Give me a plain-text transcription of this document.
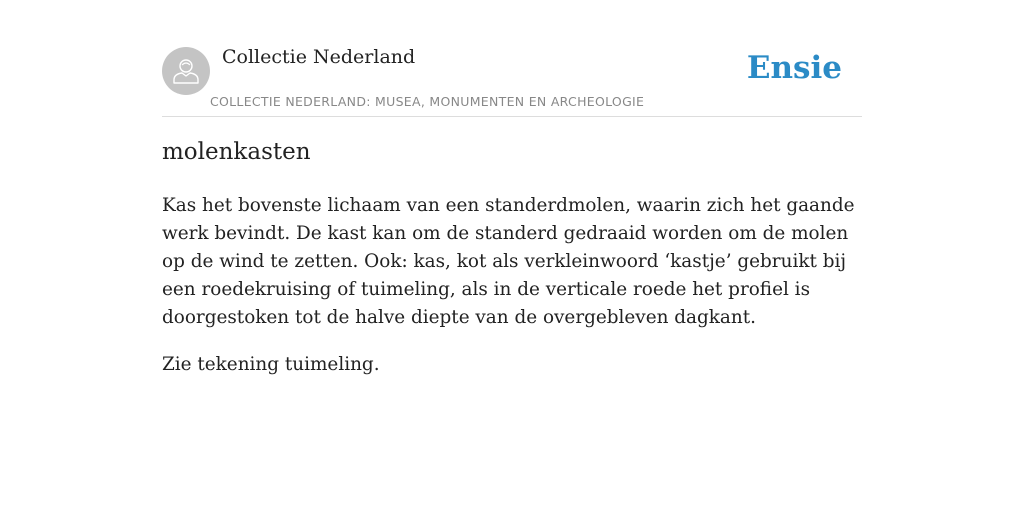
Collectie Nederland
COLLECTIE NEDERLAND: MUSEA, MONUMENTEN EN ARCHEOLOGIE
Ensie
molenkasten

Kas het bovenste lichaam van een standerdmolen, waarin zich het gaande werk bevindt. De kast kan om de standerd gedraaid worden om de molen op de wind te zetten. Ook: kas, kot als verkleinwoord ‘kastje’ gebruikt bij een roedekruising of tuimeling, als in de verticale roede het profiel is doorgestoken tot de halve diepte van de overgebleven dagkant.

Zie tekening tuimeling.
